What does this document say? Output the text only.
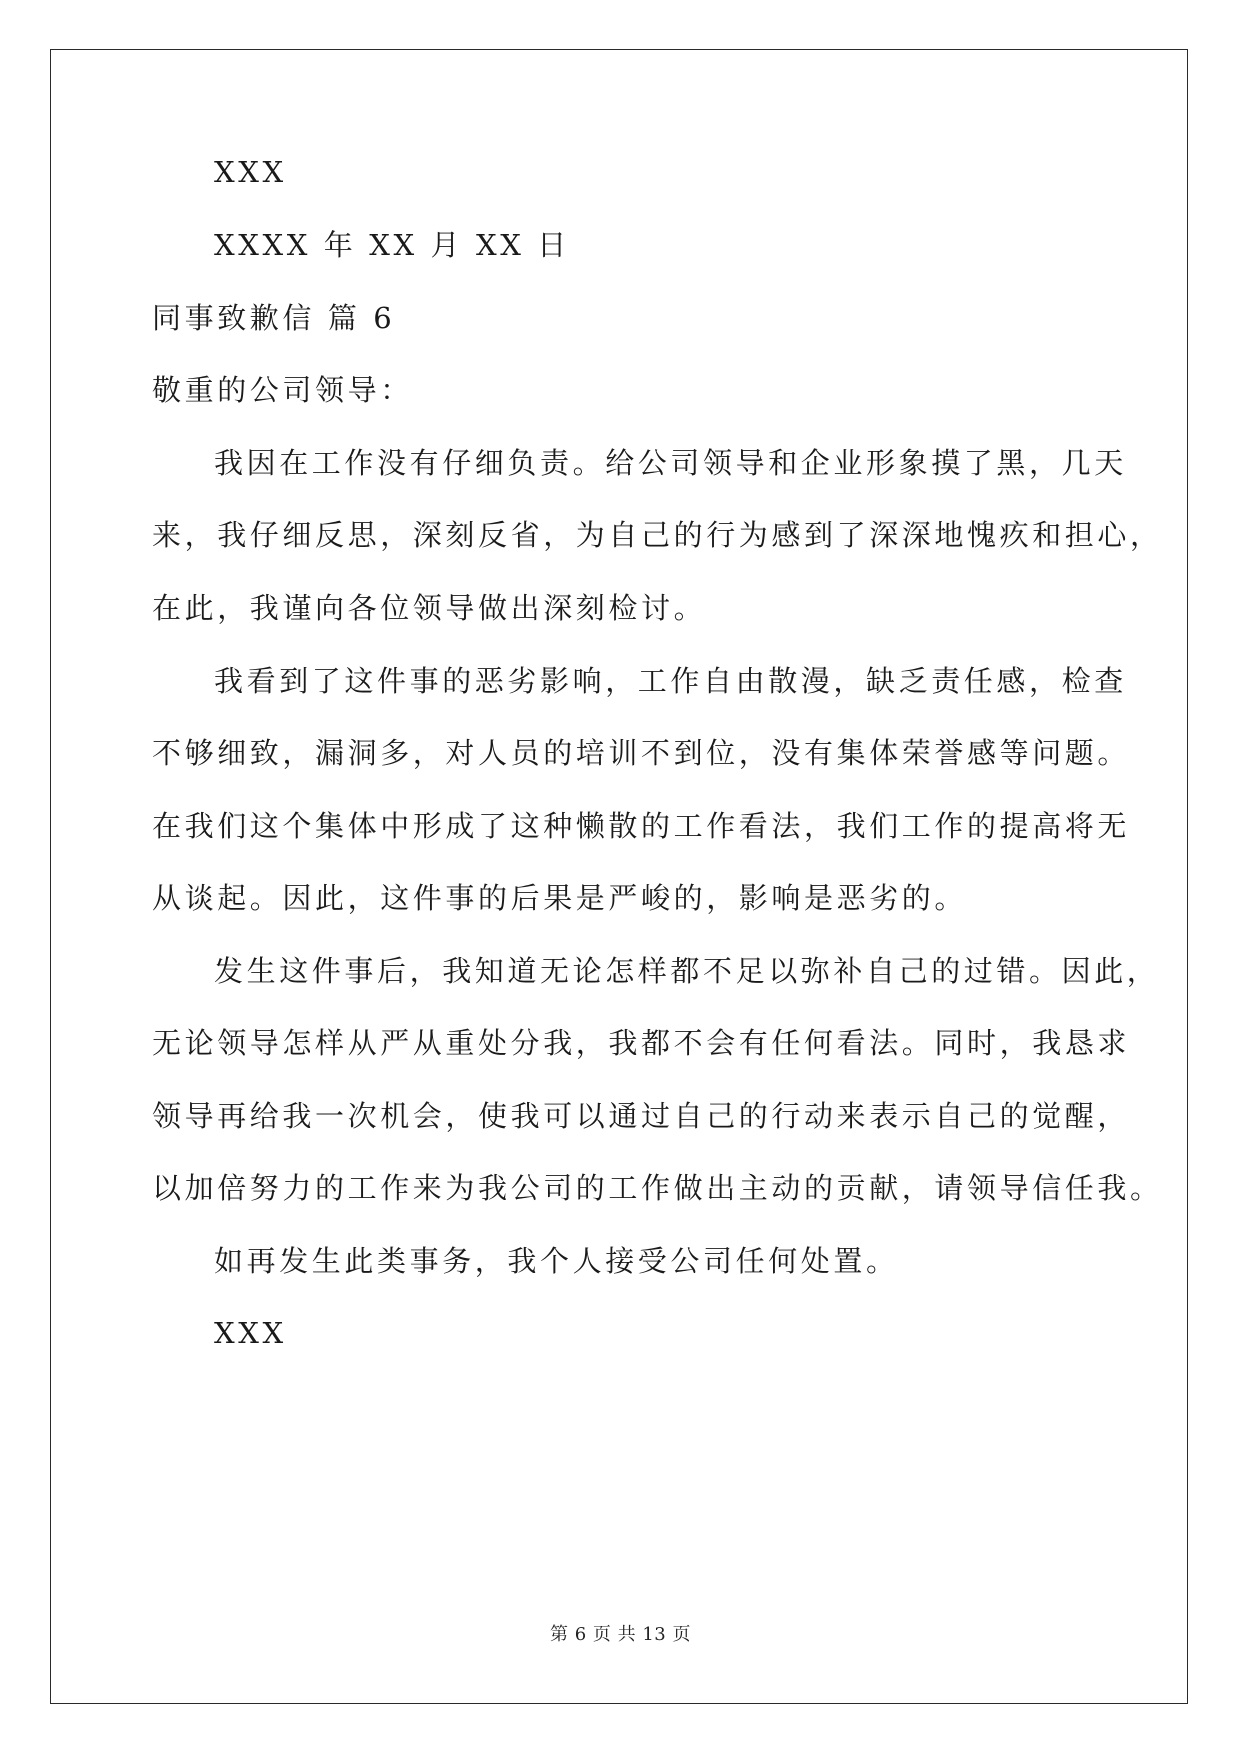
XXX
XXXX 年 XX 月 XX 日
同事致歉信 篇 6
敬重的公司领导：
我因在工作没有仔细负责。给公司领导和企业形象摸了黑，几天
来，我仔细反思，深刻反省，为自己的行为感到了深深地愧疚和担心，
在此，我谨向各位领导做出深刻检讨。
我看到了这件事的恶劣影响，工作自由散漫，缺乏责任感，检查
不够细致，漏洞多，对人员的培训不到位，没有集体荣誉感等问题。
在我们这个集体中形成了这种懒散的工作看法，我们工作的提高将无
从谈起。因此，这件事的后果是严峻的，影响是恶劣的。
发生这件事后，我知道无论怎样都不足以弥补自己的过错。因此，
无论领导怎样从严从重处分我，我都不会有任何看法。同时，我恳求
领导再给我一次机会，使我可以通过自己的行动来表示自己的觉醒，
以加倍努力的工作来为我公司的工作做出主动的贡献，请领导信任我。
如再发生此类事务，我个人接受公司任何处置。
XXX
第 6 页 共 13 页
